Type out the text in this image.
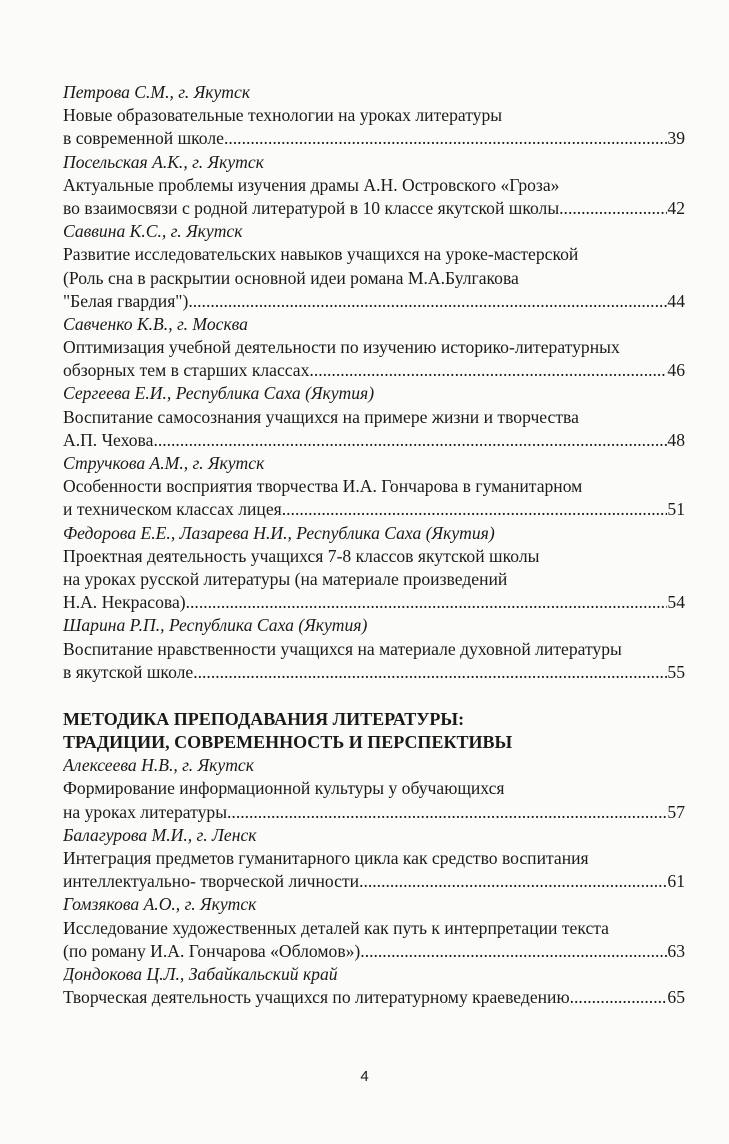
Петрова С.М., г. Якутск
Новые образовательные технологии на уроках литературы
в современной школе .....	39
Посельская А.К., г. Якутск
Актуальные проблемы изучения драмы А.Н. Островского «Гроза»
во взаимосвязи с родной литературой в 10 классе якутской школы .....	42
Саввина К.С., г. Якутск
Развитие исследовательских навыков учащихся на уроке-мастерской
(Роль сна в раскрытии основной идеи романа М.А.Булгакова
"Белая гвардия") .....	44
Савченко К.В., г. Москва
Оптимизация учебной деятельности по изучению историко-литературных
обзорных тем в старших классах .....	46
Сергеева Е.И., Республика Саха (Якутия)
Воспитание самосознания учащихся на примере жизни и творчества
А.П. Чехова .....	48
Стручкова А.М., г. Якутск
Особенности восприятия творчества И.А. Гончарова в гуманитарном
и техническом классах лицея .....	51
Федорова Е.Е., Лазарева Н.И., Республика Саха (Якутия)
Проектная деятельность учащихся 7-8 классов якутской школы
на уроках русской литературы (на материале произведений
Н.А. Некрасова) .....	54
Шарина Р.П., Республика Саха (Якутия)
Воспитание нравственности учащихся на материале духовной литературы
в якутской школе .....	55
МЕТОДИКА ПРЕПОДАВАНИЯ ЛИТЕРАТУРЫ:
ТРАДИЦИИ, СОВРЕМЕННОСТЬ И ПЕРСПЕКТИВЫ
Алексеева Н.В., г. Якутск
Формирование информационной культуры у обучающихся
на уроках литературы .....	57
Балагурова М.И., г. Ленск
Интеграция предметов гуманитарного цикла как средство воспитания
интеллектуально- творческой личности .....	61
Гомзякова А.О., г. Якутск
Исследование художественных деталей как путь к интерпретации текста
(по роману И.А. Гончарова «Обломов») .....	63
Дондокова Ц.Л., Забайкальский край
Творческая деятельность учащихся по литературному краеведению .....	65
4
